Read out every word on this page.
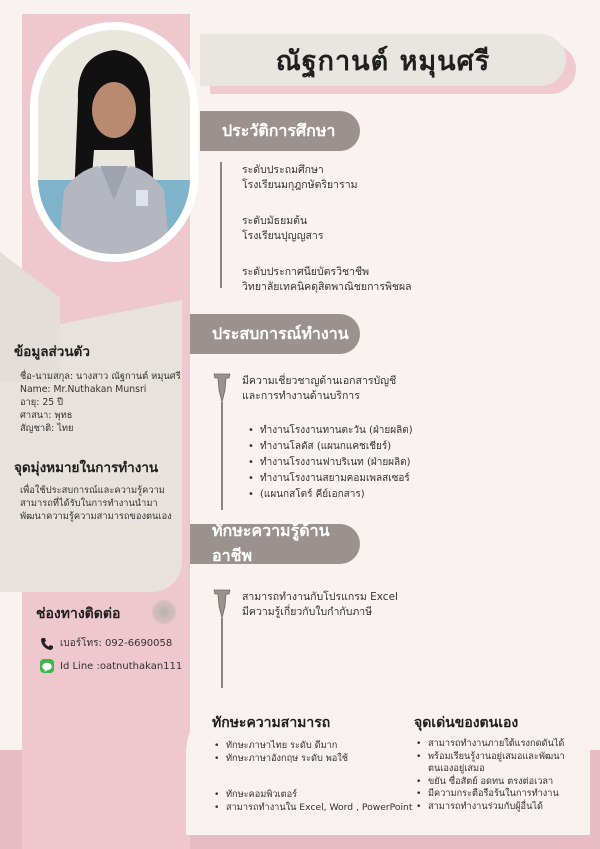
ณัฐกานต์ หมุนศรี
ประวัติการศึกษา
ระดับประถมศึกษา
โรงเรียนมกุฎกษัตริยาราม
ระดับมัธยมต้น
โรงเรียนปุญญสาร
ระดับประกาศนียบัตรวิชาชีพ
วิทยาลัยเทคนิคดุสิตพาณิชยการพิชผล
ประสบการณ์ทำงาน
มีความเชี่ยวชาญด้านเอกสารบัญชี
และการทำงานด้านบริการ
• ทำงานโรงงานทานตะวัน (ฝ่ายผลิต)
• ทำงานโลตัส (แผนกแคชเชียร์)
• ทำงานโรงงานฟาบริเนท (ฝ่ายผลิต)
• ทำงานโรงงานสยามคอมเพลสเซอร์
• (แผนกสโตร์ คีย์เอกสาร)
ทักษะความรู้ด้านอาชีพ
สามารถทำงานกับโปรแกรม Excel
มีความรู้เกี่ยวกับใบกำกับภาษี
ข้อมูลส่วนตัว
ชื่อ-นามสกุล: นางสาว ณัฐกานต์ หมุนศรี
Name: Mr.Nuthakan Munsri
อายุ: 25 ปี
ศาสนา: พุทธ
สัญชาติ: ไทย
จุดมุ่งหมายในการทำงาน
เพื่อใช้ประสบการณ์และความรู้ความ
สามารถที่ได้รับในการทำงานนำมา
พัฒนาความรู้ความสามารถของตนเอง
ช่องทางติดต่อ
เบอร์โทร: 092-6690058
Id Line :oatnuthakan111
ทักษะความสามารถ
• ทักษะภาษาไทย ระดับ ดีมาก
• ทักษะภาษาอังกฤษ ระดับ พอใช้
• ทักษะคอมพิวเตอร์
• สามารถทำงานใน Excel, Word , PowerPoint
จุดเด่นของตนเอง
• สามารถทำงานภายใต้แรงกดดันได้
• พร้อมเรียนรู้งานอยู่เสมอและพัฒนา ตนเองอยู่เสมอ
• ขยัน ซื่อสัตย์ อดทน ตรงต่อเวลา
• มีความกระตือรือร้นในการทำงาน
• สามารถทำงานร่วมกับผู้อื่นได้
